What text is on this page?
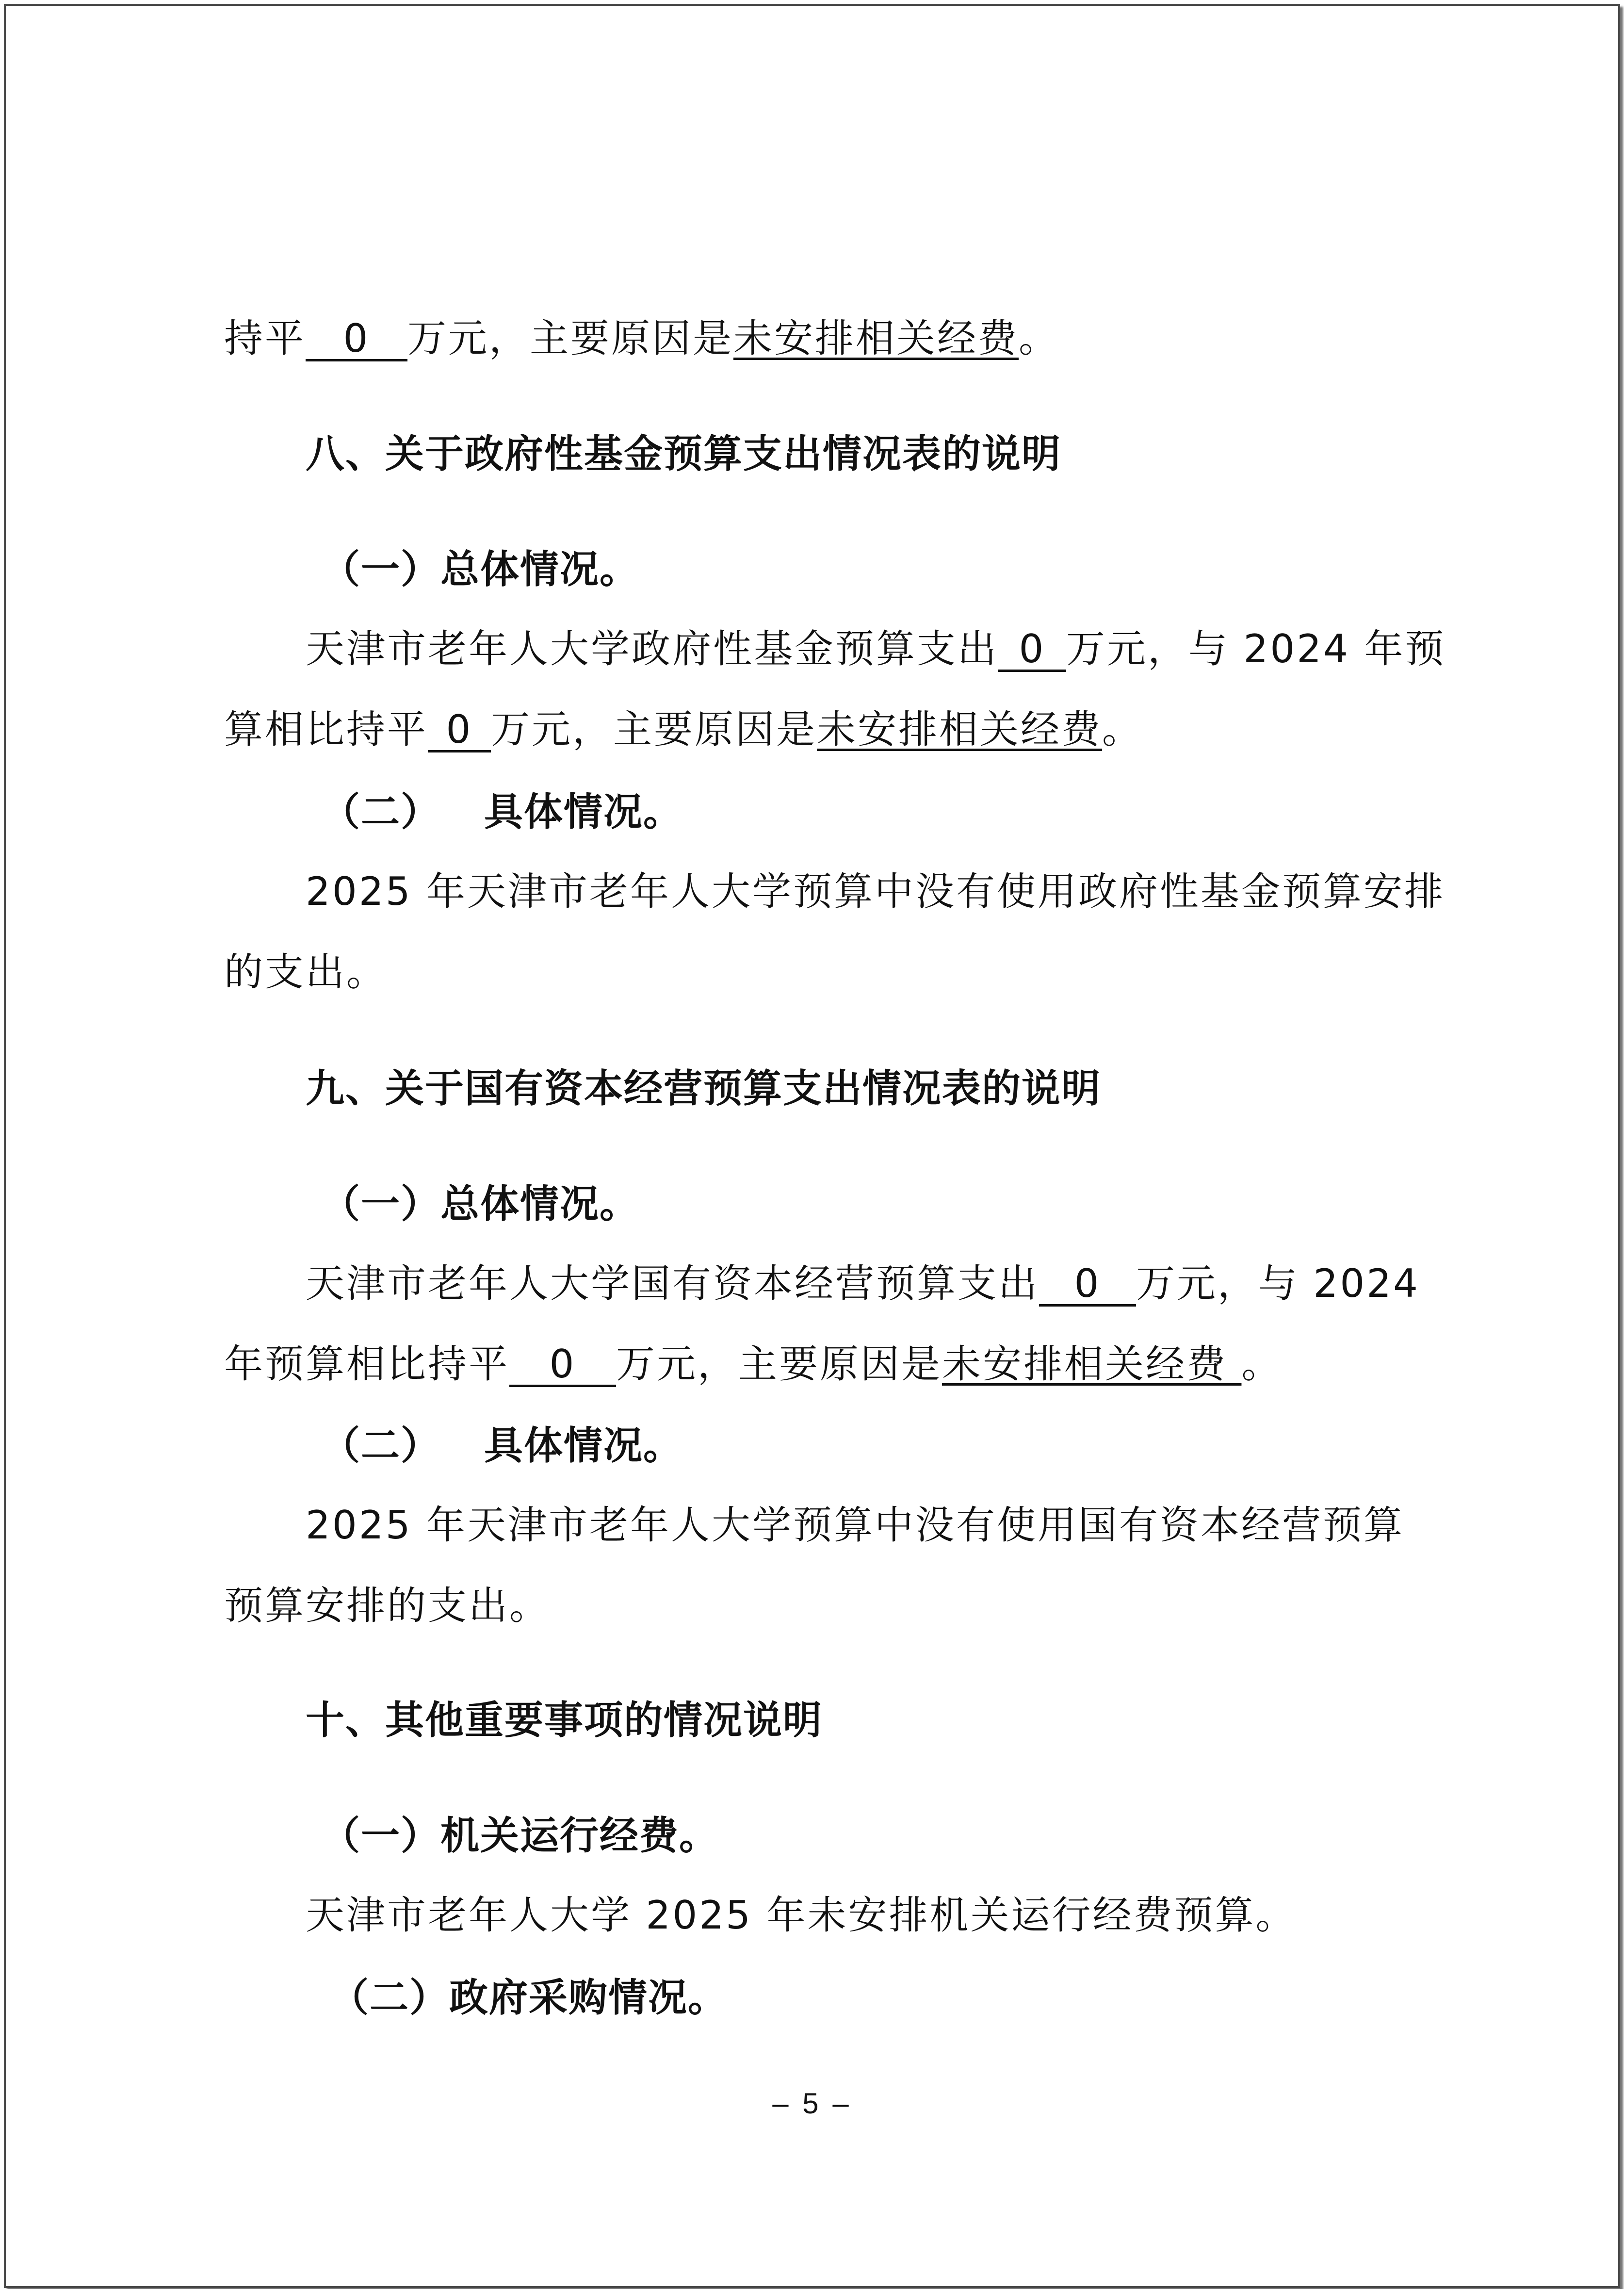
持平 0 万元，主要原因是未安排相关经费。
八、关于政府性基金预算支出情况表的说明
（一）总体情况。
天津市老年人大学政府性基金预算支出 0 万元，与 2024 年预
算相比持平 0 万元，主要原因是未安排相关经费。
（二） 具体情况。
2025 年天津市老年人大学预算中没有使用政府性基金预算安排
的支出。
九、关于国有资本经营预算支出情况表的说明
（一）总体情况。
天津市老年人大学国有资本经营预算支出 0 万元，与 2024
年预算相比持平 0 万元，主要原因是未安排相关经费 。
（二） 具体情况。
2025 年天津市老年人大学预算中没有使用国有资本经营预算
预算安排的支出。
十、其他重要事项的情况说明
（一）机关运行经费。
天津市老年人大学 2025 年未安排机关运行经费预算。
（二）政府采购情况。
– 5 –
